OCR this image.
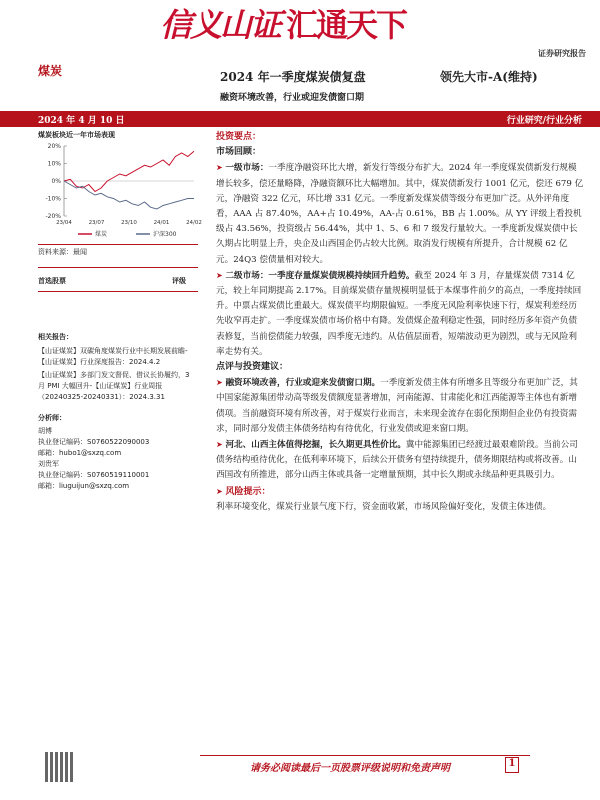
信义山证 汇通天下
证券研究报告
煤炭	2024 年一季度煤炭债复盘	领先大市-A(维持)
融资环境改善，行业或迎发债窗口期
2024 年 4 月 10 日	行业研究/行业分析
煤炭板块近一年市场表现
20%
10%
0%
-10%
-20%
23/04	23/07	23/10	24/01	24/02
煤炭	沪深300
资料来源：最闻
首选股票	评级
相关报告：
【山证煤炭】双碳角度煤炭行业中长期发展前瞻-【山证煤炭】行业深度报告：2024.4.2
【山证煤炭】多部门发文督促、借议长协履约，3 月 PMI 大幅回升-【山证煤炭】行业周报（20240325-20240331）：2024.3.31
分析师：
胡博
执业登记编码：S0760522090003
邮箱：hubo1@sxzq.com
刘贵军
执业登记编码：S0760519110001
邮箱：liuguijun@sxzq.com
投资要点：
市场回顾：

➤ 一级市场：一季度净融资环比大增，新发行等级分布扩大。2024 年一季度煤炭债新发行规模增长较多，偿还量略降，净融资额环比大幅增加。其中，煤炭债新发行 1001 亿元，偿还 679 亿元，净融资 322 亿元，环比增 331 亿元。一季度新发煤炭债等级分布更加广泛。从外评角度看，AAA 占 87.40%，AA+占 10.49%，AA-占 0.61%，BB 占 1.00%。从 YY 评级上看投机级占 43.56%，投资级占 56.44%，其中 1、5、6 和 7 级发行量较大。一季度新发煤炭债中长久期占比明显上升，央企及山西国企仍占较大比例。取消发行规模有所提升，合计规模 62 亿元。24Q3 偿债量相对较大。

➤ 二级市场：一季度存量煤炭债规模持续回升趋势。截至 2024 年 3 月，存量煤炭债 7314 亿元，较上年同期提高 2.17%。目前煤炭债存量规模明显低于本煤事件前夕的高点，一季度持续回升。中票占煤炭债比重最大。煤炭债平均期限偏短。一季度无风险利率快速下行，煤炭利差经历先收窄再走扩。一季度煤炭债市场价格中有降。发债煤企盈利稳定性强，同时经历多年资产负债表修复，当前偿债能力较强，四季度无违约。从估值层面看，短端波动更为剧烈，或与无风险利率走势有关。

点评与投资建议：

➤ 融资环境改善，行业或迎来发债窗口期。一季度新发债主体有所增多且等级分布更加广泛，其中国家能源集团带动高等级发债额度显著增加，河南能源、甘肃能化和江西能源等主体也有新增债项。当前融资环境有所改善，对于煤炭行业而言，未来现金流存在弱化预期但企业仍有投资需求，同时部分发债主体债务结构有待优化，行业发债或迎来窗口期。

➤ 河北、山西主体值得挖掘，长久期更具性价比。冀中能源集团已经渡过最艰难阶段。当前公司债务结构亟待优化，在低利率环境下，后续公开债务有望持续提升，债务期限结构或将改善。山西国改有所推进，部分山西主体或具备一定增量预期，其中长久期或永续品种更具吸引力。

➤ 风险提示：

利率环境变化，煤炭行业景气度下行，资金面收紧，市场风险偏好变化，发债主体违债。

请务必阅读最后一页股票评级说明和免责声明	1
